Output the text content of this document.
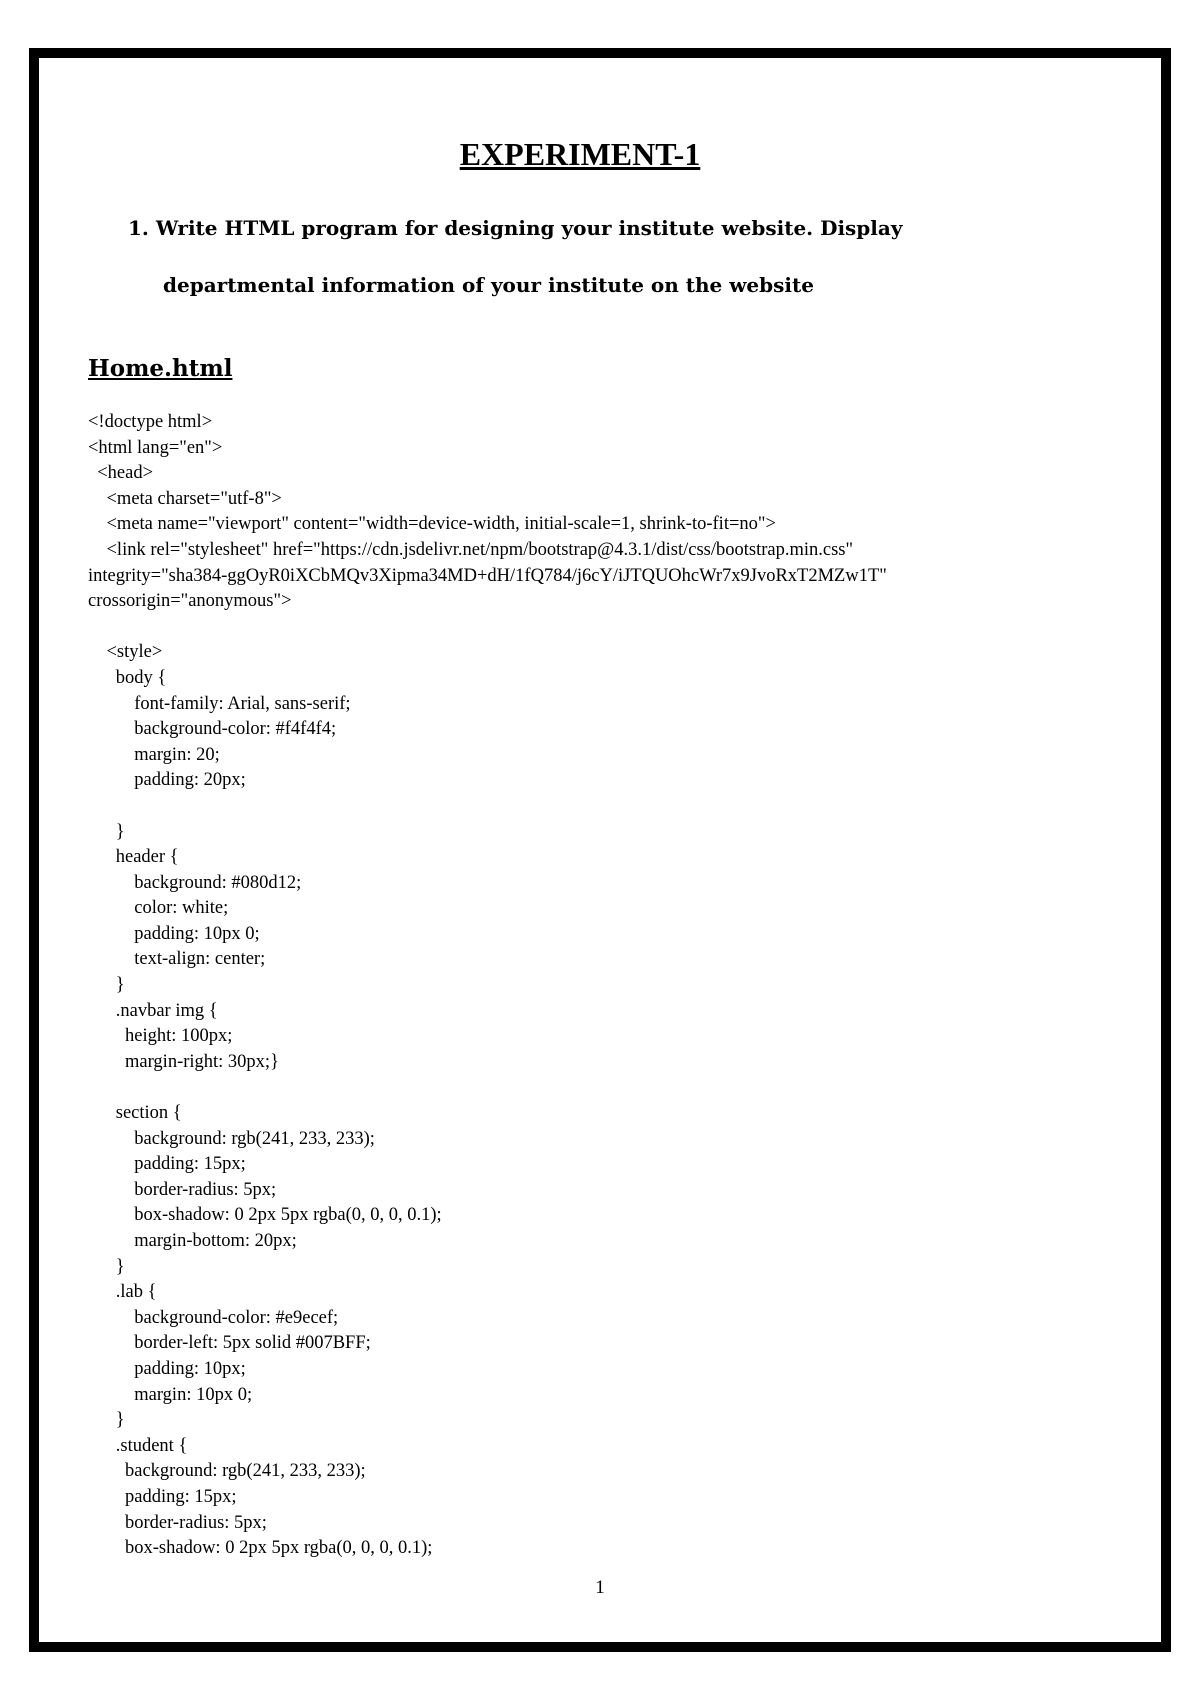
EXPERIMENT-1
1. Write HTML program for designing your institute website. Display
departmental information of your institute on the website
Home.html
<!doctype html>
<html lang="en">
<head>
<meta charset="utf-8">
<meta name="viewport" content="width=device-width, initial-scale=1, shrink-to-fit=no">
<link rel="stylesheet" href="https://cdn.jsdelivr.net/npm/bootstrap@4.3.1/dist/css/bootstrap.min.css"
integrity="sha384-ggOyR0iXCbMQv3Xipma34MD+dH/1fQ784/j6cY/iJTQUOhcWr7x9JvoRxT2MZw1T"
crossorigin="anonymous">
<style>
body {
font-family: Arial, sans-serif;
background-color: #f4f4f4;
margin: 20;
padding: 20px;
}
header {
background: #080d12;
color: white;
padding: 10px 0;
text-align: center;
}
.navbar img {
height: 100px;
margin-right: 30px;}
section {
background: rgb(241, 233, 233);
padding: 15px;
border-radius: 5px;
box-shadow: 0 2px 5px rgba(0, 0, 0, 0.1);
margin-bottom: 20px;
}
.lab {
background-color: #e9ecef;
border-left: 5px solid #007BFF;
padding: 10px;
margin: 10px 0;
}
.student {
background: rgb(241, 233, 233);
padding: 15px;
border-radius: 5px;
box-shadow: 0 2px 5px rgba(0, 0, 0, 0.1);
1
